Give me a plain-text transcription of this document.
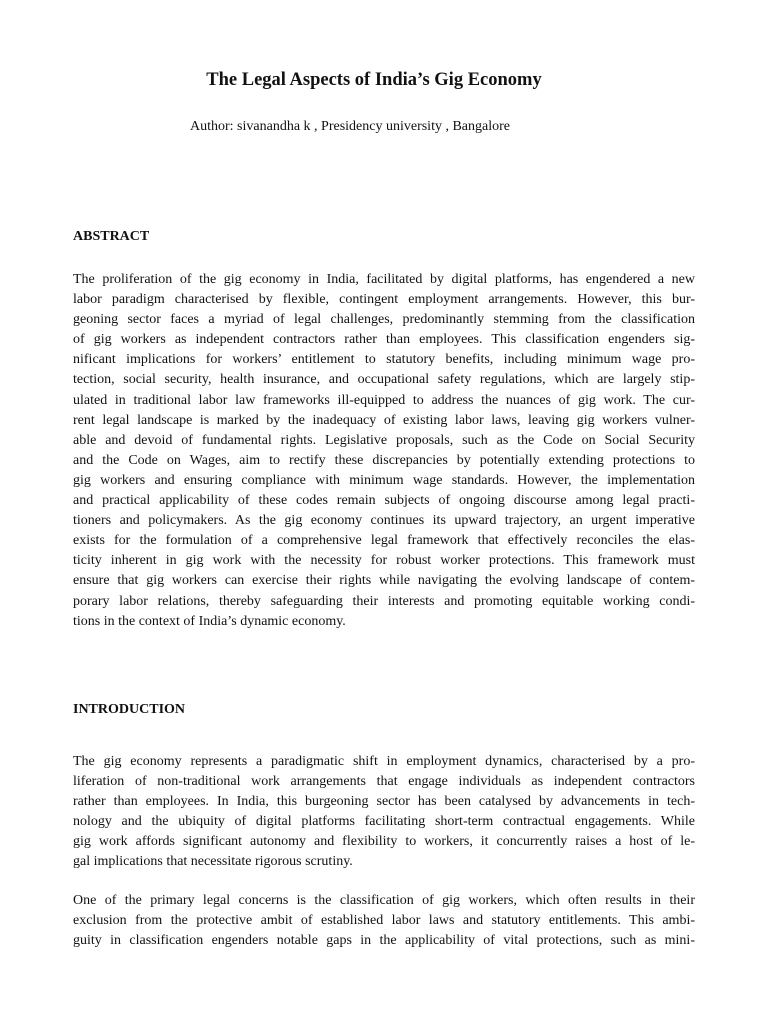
The Legal Aspects of India’s Gig Economy

Author: sivanandha k , Presidency university , Bangalore

ABSTRACT
The proliferation of the gig economy in India, facilitated by digital platforms, has engendered a new
labor paradigm characterised by flexible, contingent employment arrangements. However, this bur-
geoning sector faces a myriad of legal challenges, predominantly stemming from the classification
of gig workers as independent contractors rather than employees. This classification engenders sig-
nificant implications for workers’ entitlement to statutory benefits, including minimum wage pro-
tection, social security, health insurance, and occupational safety regulations, which are largely stip-
ulated in traditional labor law frameworks ill-equipped to address the nuances of gig work. The cur-
rent legal landscape is marked by the inadequacy of existing labor laws, leaving gig workers vulner-
able and devoid of fundamental rights. Legislative proposals, such as the Code on Social Security
and the Code on Wages, aim to rectify these discrepancies by potentially extending protections to
gig workers and ensuring compliance with minimum wage standards. However, the implementation
and practical applicability of these codes remain subjects of ongoing discourse among legal practi-
tioners and policymakers. As the gig economy continues its upward trajectory, an urgent imperative
exists for the formulation of a comprehensive legal framework that effectively reconciles the elas-
ticity inherent in gig work with the necessity for robust worker protections. This framework must
ensure that gig workers can exercise their rights while navigating the evolving landscape of contem-
porary labor relations, thereby safeguarding their interests and promoting equitable working condi-
tions in the context of India’s dynamic economy.
INTRODUCTION
The gig economy represents a paradigmatic shift in employment dynamics, characterised by a pro-
liferation of non-traditional work arrangements that engage individuals as independent contractors
rather than employees. In India, this burgeoning sector has been catalysed by advancements in tech-
nology and the ubiquity of digital platforms facilitating short-term contractual engagements. While
gig work affords significant autonomy and flexibility to workers, it concurrently raises a host of le-
gal implications that necessitate rigorous scrutiny.
One of the primary legal concerns is the classification of gig workers, which often results in their
exclusion from the protective ambit of established labor laws and statutory entitlements. This ambi-
guity in classification engenders notable gaps in the applicability of vital protections, such as mini-
